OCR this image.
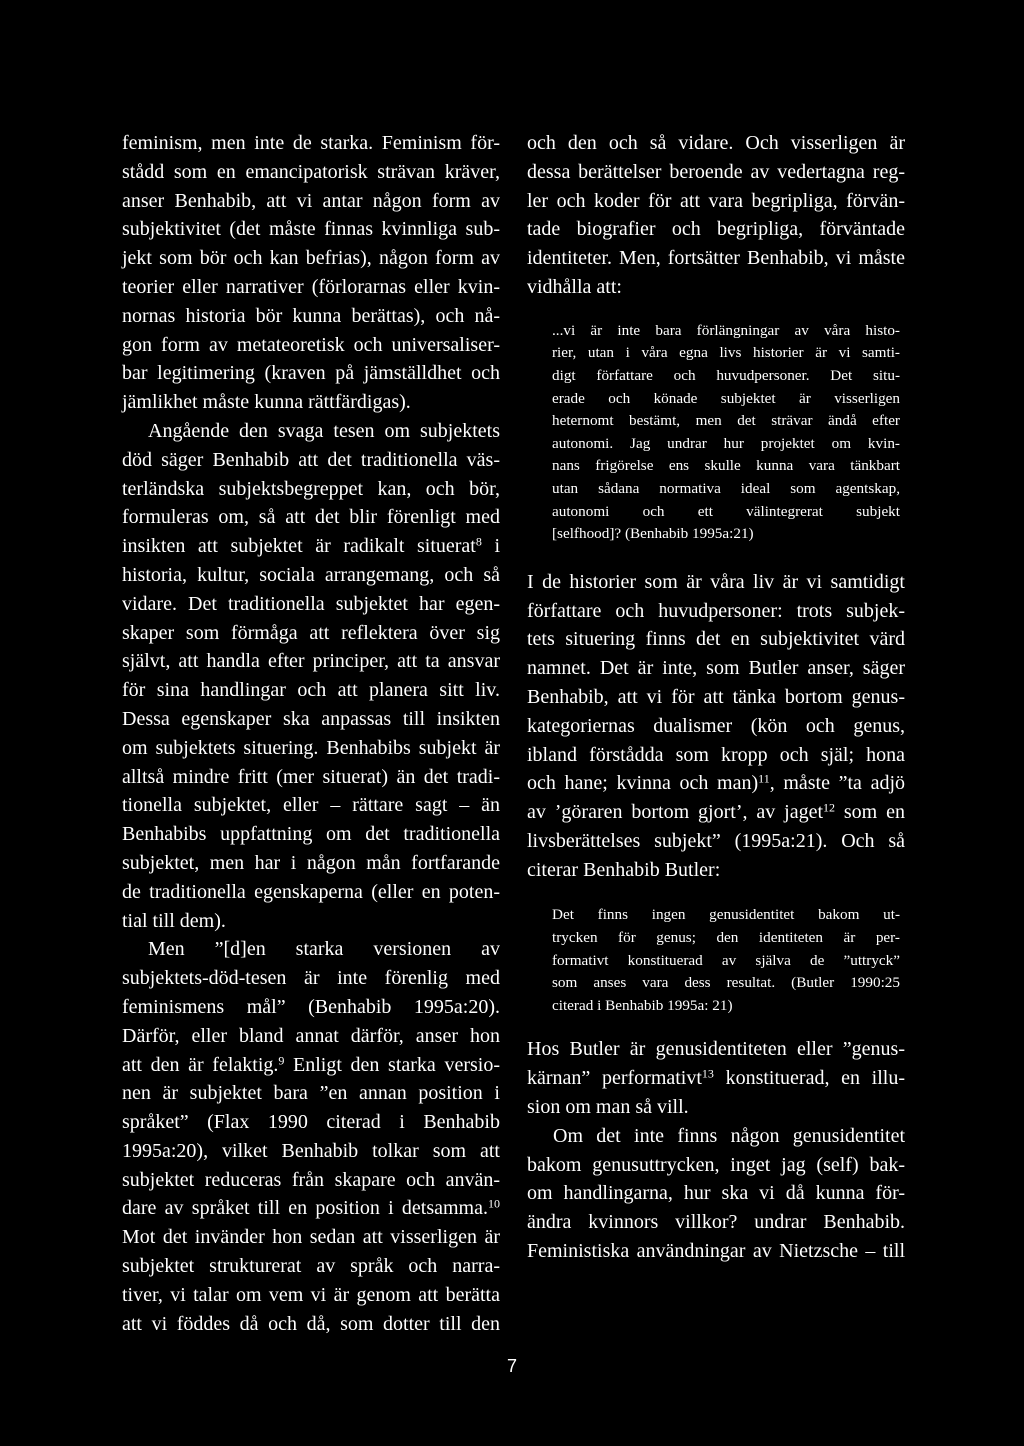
feminism, men inte de starka. Feminism för-
stådd som en emancipatorisk strävan kräver,
anser Benhabib, att vi antar någon form av
subjektivitet (det måste finnas kvinnliga sub-
jekt som bör och kan befrias), någon form av
teorier eller narrativer (förlorarnas eller kvin-
nornas historia bör kunna berättas), och nå-
gon form av metateoretisk och universaliser-
bar legitimering (kraven på jämställdhet och
jämlikhet måste kunna rättfärdigas).
Angående den svaga tesen om subjektets
död säger Benhabib att det traditionella väs-
terländska subjektsbegreppet kan, och bör,
formuleras om, så att det blir förenligt med
insikten att subjektet är radikalt situerat$^8$ i
historia, kultur, sociala arrangemang, och så
vidare. Det traditionella subjektet har egen-
skaper som förmåga att reflektera över sig
självt, att handla efter principer, att ta ansvar
för sina handlingar och att planera sitt liv.
Dessa egenskaper ska anpassas till insikten
om subjektets situering. Benhabibs subjekt är
alltså mindre fritt (mer situerat) än det tradi-
tionella subjektet, eller – rättare sagt – än
Benhabibs uppfattning om det traditionella
subjektet, men har i någon mån fortfarande
de traditionella egenskaperna (eller en poten-
tial till dem).
Men ”[d]en starka versionen av
subjektets-död-tesen är inte förenlig med
feminismens mål” (Benhabib 1995a:20).
Därför, eller bland annat därför, anser hon
att den är felaktig.$^9$ Enligt den starka versio-
nen är subjektet bara ”en annan position i
språket” (Flax 1990 citerad i Benhabib
1995a:20), vilket Benhabib tolkar som att
subjektet reduceras från skapare och använ-
dare av språket till en position i detsamma.$^{10}$
Mot det invänder hon sedan att visserligen är
subjektet strukturerat av språk och narra-
tiver, vi talar om vem vi är genom att berätta
att vi föddes då och då, som dotter till den
och den och så vidare. Och visserligen är
dessa berättelser beroende av vedertagna reg-
ler och koder för att vara begripliga, förvän-
tade biografier och begripliga, förväntade
identiteter. Men, fortsätter Benhabib, vi måste
vidhålla att:
...vi är inte bara förlängningar av våra histo-
rier, utan i våra egna livs historier är vi samti-
digt författare och huvudpersoner. Det situ-
erade och könade subjektet är visserligen
heternomt bestämt, men det strävar ändå efter
autonomi. Jag undrar hur projektet om kvin-
nans frigörelse ens skulle kunna vara tänkbart
utan sådana normativa ideal som agentskap,
autonomi och ett välintegrerat subjekt
[selfhood]? (Benhabib 1995a:21)
I de historier som är våra liv är vi samtidigt
författare och huvudpersoner: trots subjek-
tets situering finns det en subjektivitet värd
namnet. Det är inte, som Butler anser, säger
Benhabib, att vi för att tänka bortom genus-
kategoriernas dualismer (kön och genus,
ibland förstådda som kropp och själ; hona
och hane; kvinna och man)$^{11}$, måste ”ta adjö
av ’göraren bortom gjort’, av jaget$^{12}$ som en
livsberättelses subjekt” (1995a:21). Och så
citerar Benhabib Butler:
Det finns ingen genusidentitet bakom ut-
trycken för genus; den identiteten är per-
formativt konstituerad av själva de ”uttryck”
som anses vara dess resultat. (Butler 1990:25
citerad i Benhabib 1995a: 21)
Hos Butler är genusidentiteten eller ”genus-
kärnan” performativt$^{13}$ konstituerad, en illu-
sion om man så vill.
Om det inte finns någon genusidentitet
bakom genusuttrycken, inget jag (self) bak-
om handlingarna, hur ska vi då kunna för-
ändra kvinnors villkor? undrar Benhabib.
Feministiska användningar av Nietzsche – till
7
